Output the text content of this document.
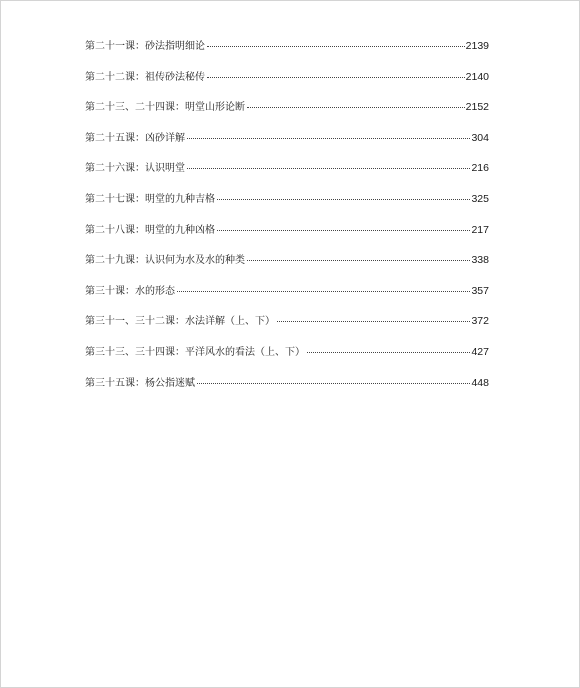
第二十一课：砂法指明细论	2139
第二十二课：祖传砂法秘传	2140
第二十三、二十四课：明堂山形论断	2152
第二十五课：凶砂详解	304
第二十六课：认识明堂	216
第二十七课：明堂的九种吉格	325
第二十八课：明堂的九种凶格	217
第二十九课：认识何为水及水的种类	338
第三十课：水的形态	357
第三十一、三十二课：水法详解（上、下）	372
第三十三、三十四课：平洋风水的看法（上、下）	427
第三十五课：杨公指迷赋	448
